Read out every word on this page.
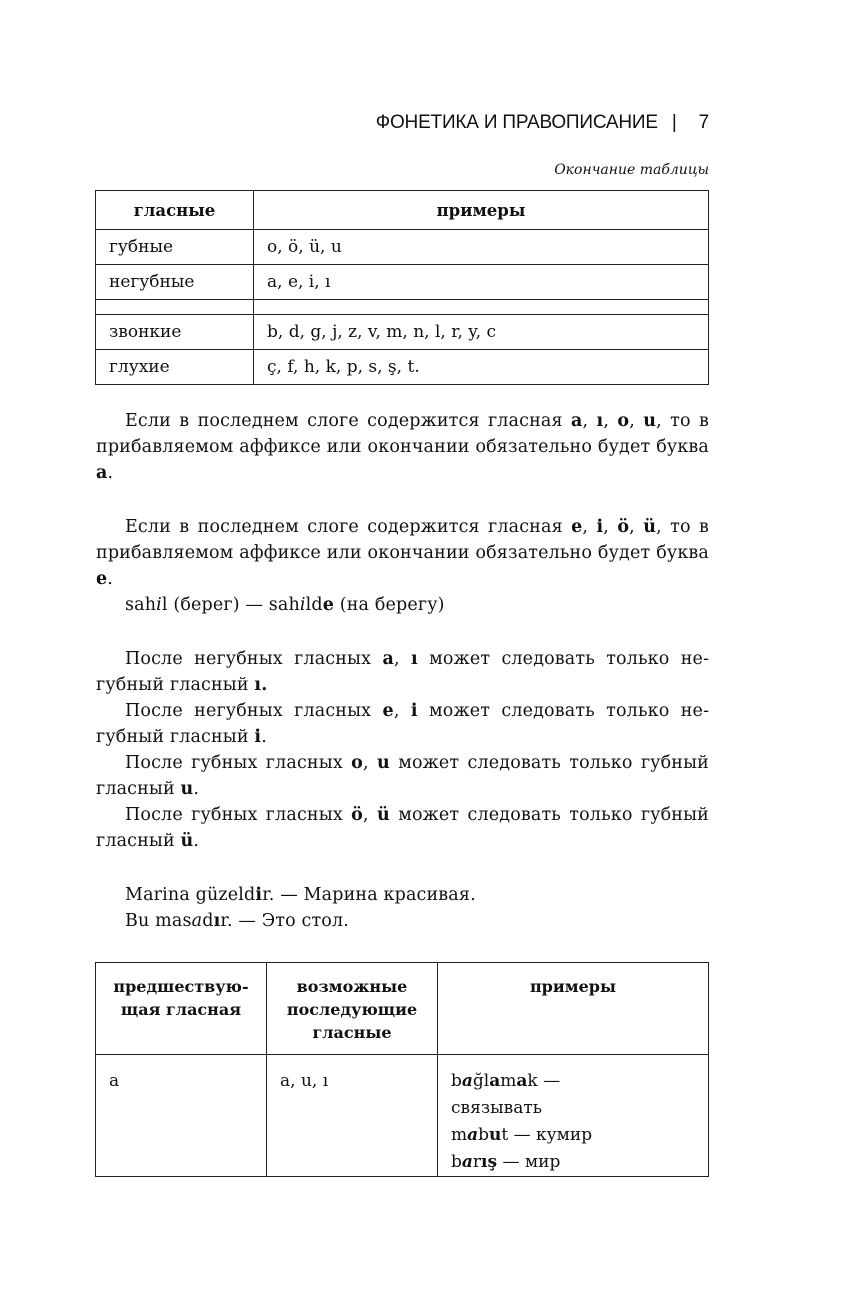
ФОНЕТИКА И ПРАВОПИСАНИЕ | 7
Окончание таблицы
гласные	примеры
губные	o, ö, ü, u
негубные	a, e, i, ı

звонкие	b, d, g, j, z, v, m, n, l, r, y, c
глухие	ç, f, h, k, p, s, ş, t.

Если в последнем слоге содержится гласная a, ı, o, u, то в прибавляемом аффиксе или окончании обязательно будет буква a.

Если в последнем слоге содержится гласная e, i, ö, ü, то в прибавляемом аффиксе или окончании обязательно будет буква e.

sahil (берег) — sahilde (на берегу)

После негубных гласных a, ı может следовать только негубный гласный ı.

После негубных гласных e, i может следовать только негубный гласный i.

После губных гласных o, u может следовать только губный гласный u.

После губных гласных ö, ü может следовать только губный гласный ü.

Marina güzeldir. — Марина красивая.

Bu masadır. — Это стол.

предшествую-щая гласная	возможные последующие гласные	примеры
a	a, u, ı	bağlamak —
связывать
mabut — кумир
barış — мир
